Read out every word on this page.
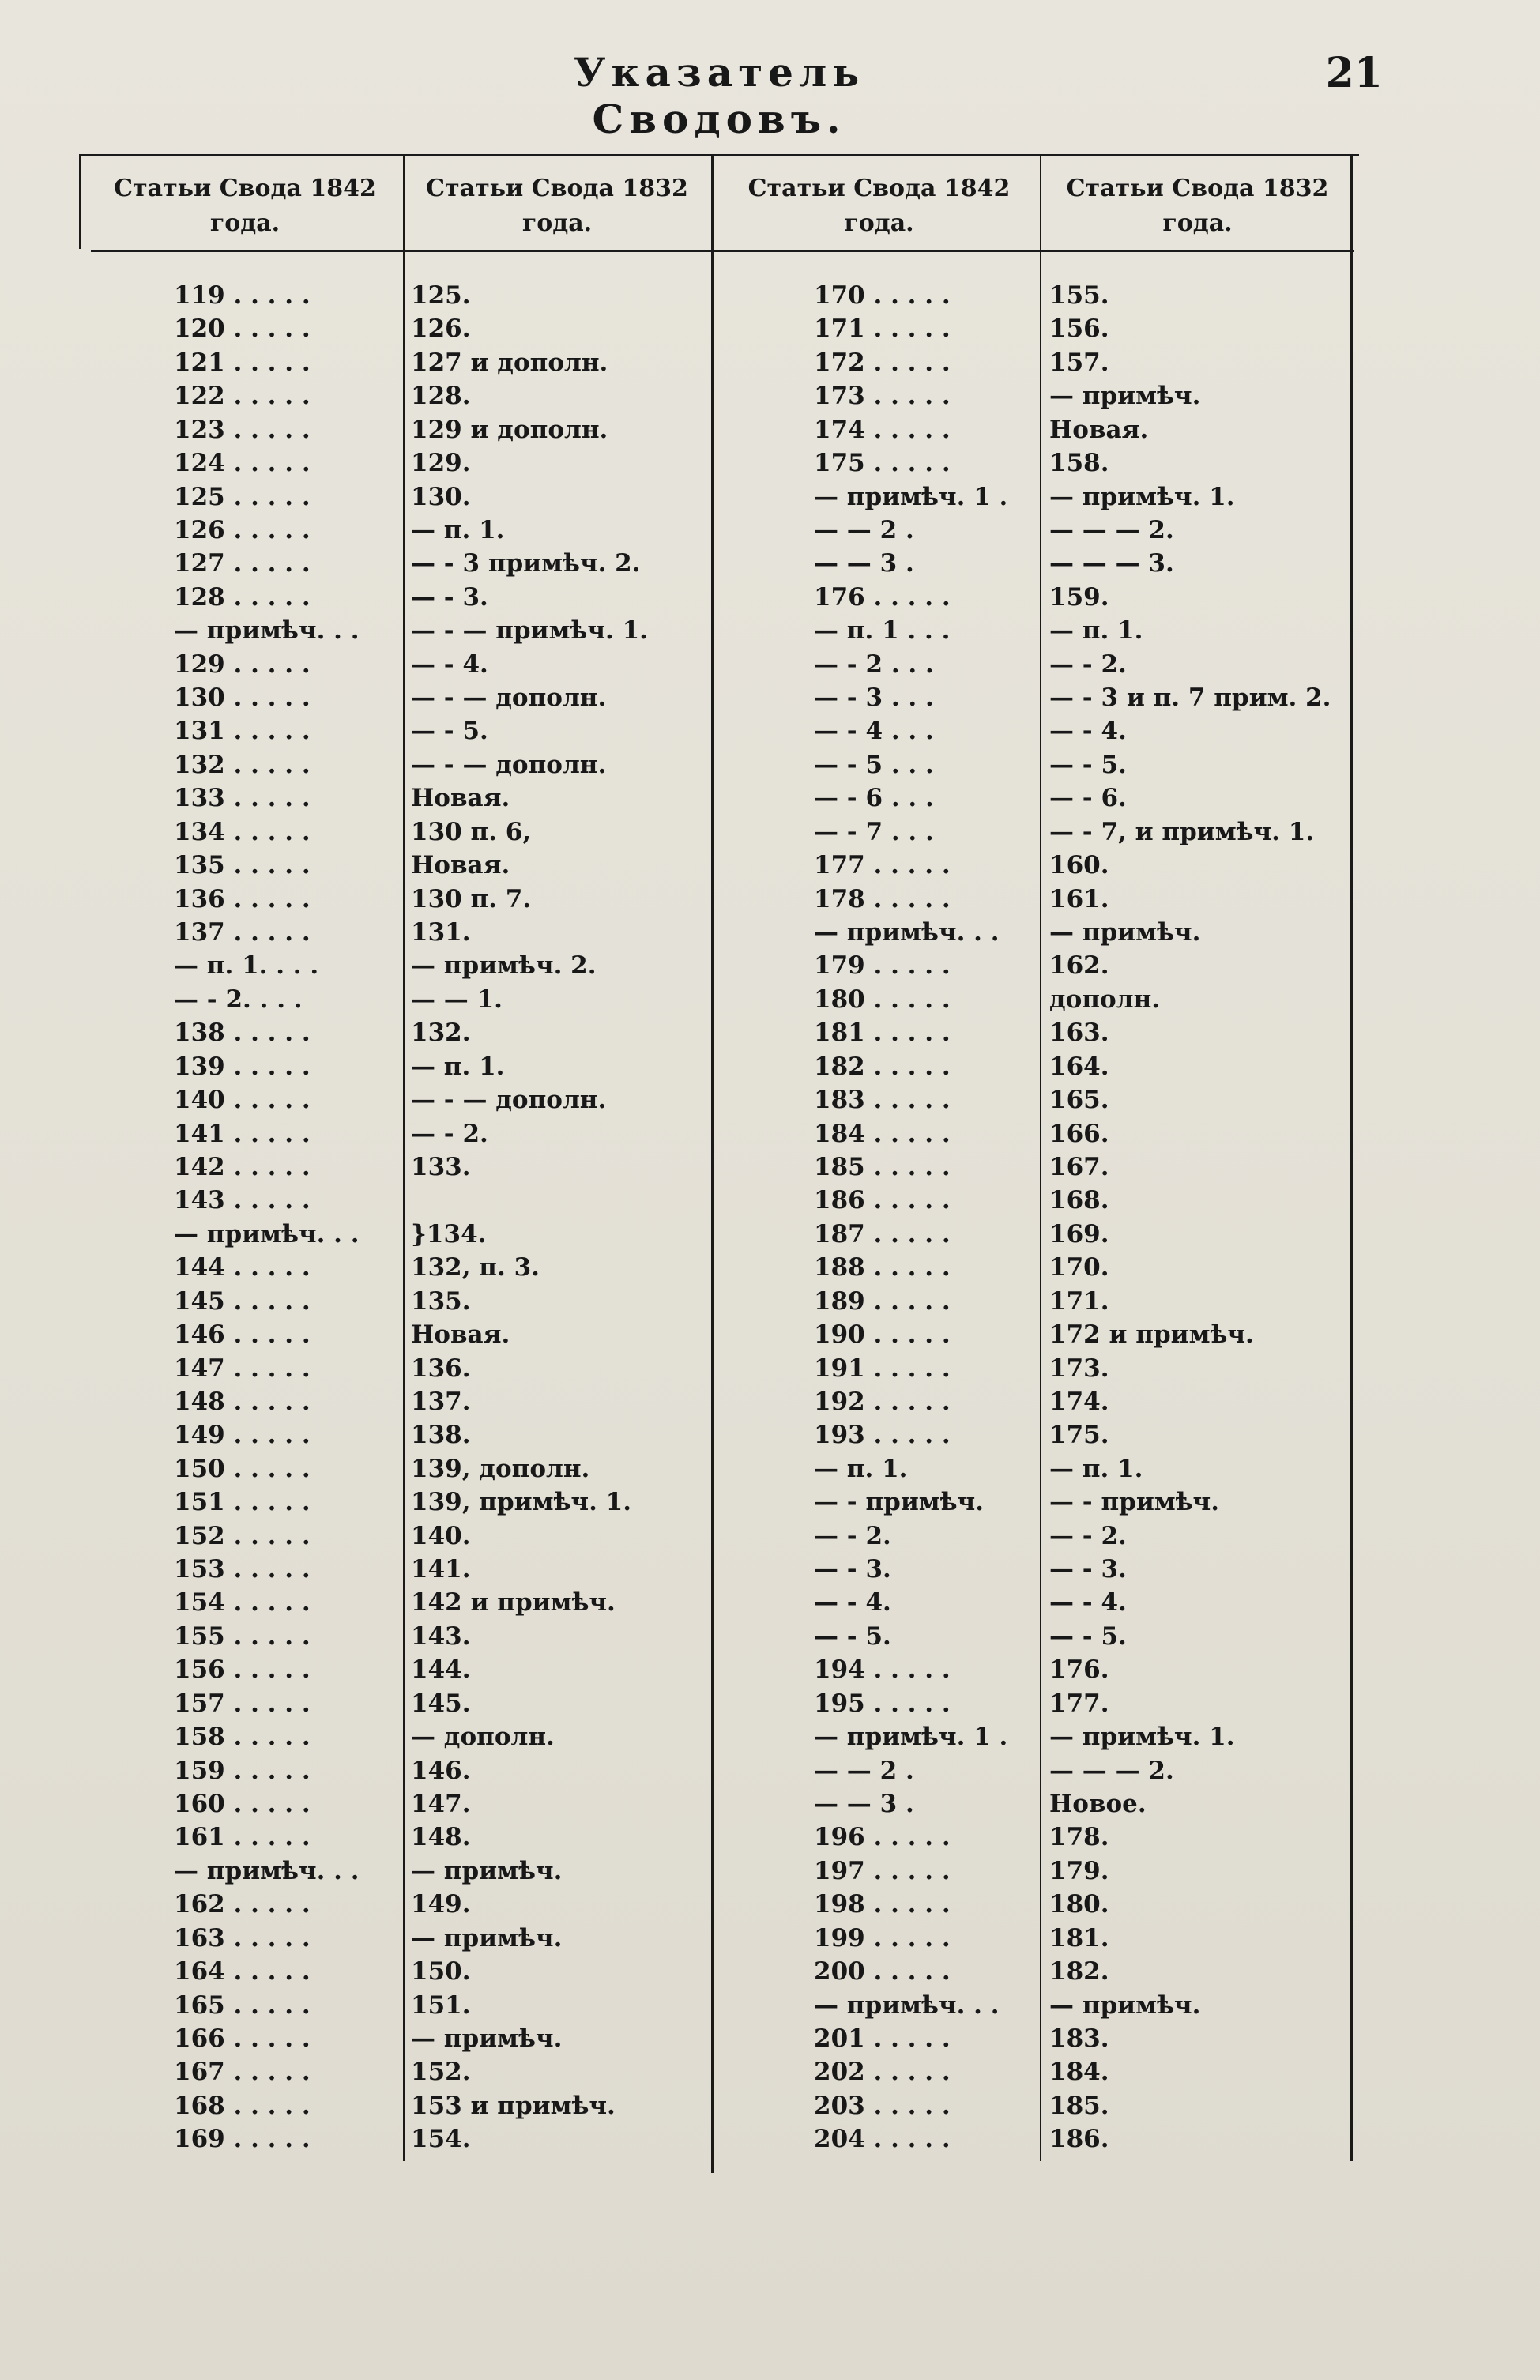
Указатель Сводовъ.
21
Статьи Свода 1842 года.
Статьи Свода 1832 года.
Статьи Свода 1842 года.
Статьи Свода 1832 года.
119 . . . . .
120 . . . . .
121 . . . . .
122 . . . . .
123 . . . . .
124 . . . . .
125 . . . . .
126 . . . . .
127 . . . . .
128 . . . . .
— примѣч. . .
129 . . . . .
130 . . . . .
131 . . . . .
132 . . . . .
133 . . . . .
134 . . . . .
135 . . . . .
136 . . . . .
137 . . . . .
— п. 1. . . .
— - 2. . . .
138 . . . . .
139 . . . . .
140 . . . . .
141 . . . . .
142 . . . . .
143 . . . . .
— примѣч. . .
144 . . . . .
145 . . . . .
146 . . . . .
147 . . . . .
148 . . . . .
149 . . . . .
150 . . . . .
151 . . . . .
152 . . . . .
153 . . . . .
154 . . . . .
155 . . . . .
156 . . . . .
157 . . . . .
158 . . . . .
159 . . . . .
160 . . . . .
161 . . . . .
— примѣч. . .
162 . . . . .
163 . . . . .
164 . . . . .
165 . . . . .
166 . . . . .
167 . . . . .
168 . . . . .
169 . . . . .
125.
126.
127 и дополн.
128.
129 и дополн.
129.
130.
— п. 1.
— - 3 примѣч. 2.
— - 3.
— - — примѣч. 1.
— - 4.
— - — дополн.
— - 5.
— - — дополн.
Новая.
130 п. 6,
Новая.
130 п. 7.
131.
— примѣч. 2.
— — 1.
132.
— п. 1.
— - — дополн.
— - 2.
133.
}134.
132, п. 3.
135.
Новая.
136.
137.
138.
139, дополн.
139, примѣч. 1.
140.
141.
142 и примѣч.
143.
144.
145.
— дополн.
146.
147.
148.
— примѣч.
149.
— примѣч.
150.
151.
— примѣч.
152.
153 и примѣч.
154.
170 . . . . .
171 . . . . .
172 . . . . .
173 . . . . .
174 . . . . .
175 . . . . .
— примѣч. 1 .
— — 2 .
— — 3 .
176 . . . . .
— п. 1 . . .
— - 2 . . .
— - 3 . . .
— - 4 . . .
— - 5 . . .
— - 6 . . .
— - 7 . . .
177 . . . . .
178 . . . . .
— примѣч. . .
179 . . . . .
180 . . . . .
181 . . . . .
182 . . . . .
183 . . . . .
184 . . . . .
185 . . . . .
186 . . . . .
187 . . . . .
188 . . . . .
189 . . . . .
190 . . . . .
191 . . . . .
192 . . . . .
193 . . . . .
— п. 1.
— - примѣч.
— - 2.
— - 3.
— - 4.
— - 5.
194 . . . . .
195 . . . . .
— примѣч. 1 .
— — 2 .
— — 3 .
196 . . . . .
197 . . . . .
198 . . . . .
199 . . . . .
200 . . . . .
— примѣч. . .
201 . . . . .
202 . . . . .
203 . . . . .
204 . . . . .
155.
156.
157.
— примѣч.
Новая.
158.
— примѣч. 1.
— — — 2.
— — — 3.
159.
— п. 1.
— - 2.
— - 3 и п. 7 прим. 2.
— - 4.
— - 5.
— - 6.
— - 7, и примѣч. 1.
160.
161.
— примѣч.
162.
дополн.
163.
164.
165.
166.
167.
168.
169.
170.
171.
172 и примѣч.
173.
174.
175.
— п. 1.
— - примѣч.
— - 2.
— - 3.
— - 4.
— - 5.
176.
177.
— примѣч. 1.
— — — 2.
Новое.
178.
179.
180.
181.
182.
— примѣч.
183.
184.
185.
186.
